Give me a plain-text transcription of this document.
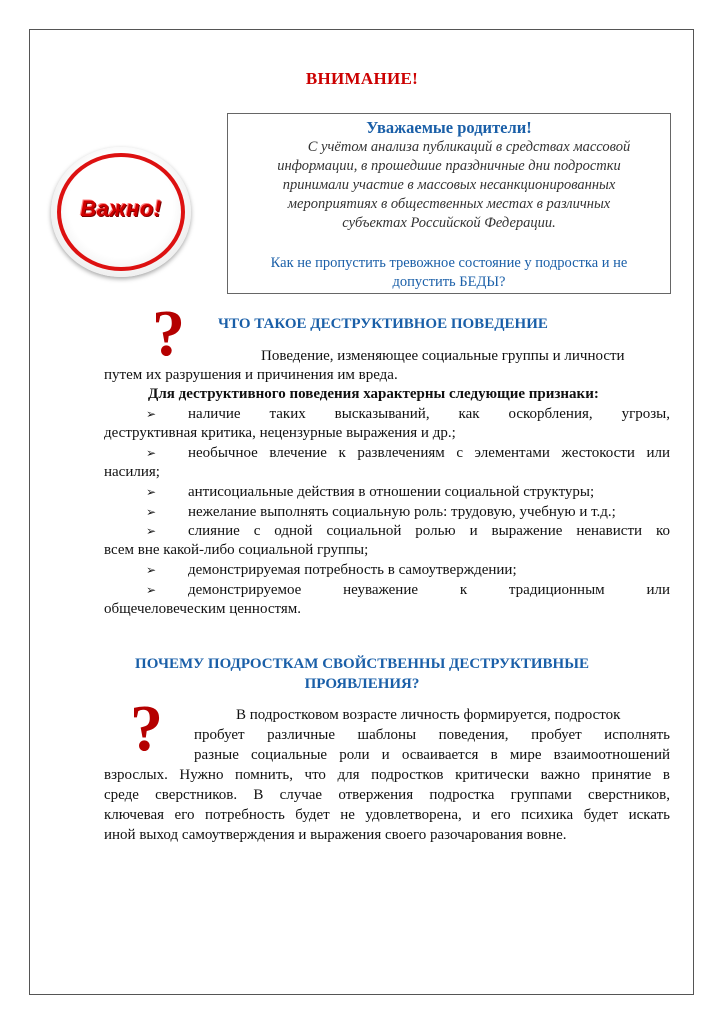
ВНИМАНИЕ!
Важно!
Уважаемые родители!
С учётом анализа публикаций в средствах массовой
информации, в прошедшие праздничные дни подростки
принимали участие в массовых несанкционированных
мероприятиях в общественных местах в различных
субъектах Российской Федерации.
Как не пропустить тревожное состояние у подростка и не
допустить БЕДЫ?
? ЧТО ТАКОЕ ДЕСТРУКТИВНОЕ ПОВЕДЕНИЕ
Поведение, изменяющее социальные группы и личности
путем их разрушения и причинения им вреда.
Для деструктивного поведения характерны следующие признаки:
➢ наличие таких высказываний, как оскорбления, угрозы,
деструктивная критика, нецензурные выражения и др.;
➢ необычное влечение к развлечениям с элементами жестокости или
насилия;
➢ антисоциальные действия в отношении социальной структуры;
➢ нежелание выполнять социальную роль: трудовую, учебную и т.д.;
➢ слияние с одной социальной ролью и выражение ненависти ко
всем вне какой-либо социальной группы;
➢ демонстрируемая потребность в самоутверждении;
➢ демонстрируемое неуважение к традиционным или
общечеловеческим ценностям.
ПОЧЕМУ ПОДРОСТКАМ СВОЙСТВЕННЫ ДЕСТРУКТИВНЫЕ
ПРОЯВЛЕНИЯ?
?	В подростковом возрасте личность формируется, подросток
пробует различные шаблоны поведения, пробует исполнять
разные социальные роли и осваивается в мире взаимоотношений
взрослых. Нужно помнить, что для подростков критически важно принятие в
среде сверстников. В случае отвержения подростка группами сверстников,
ключевая его потребность будет не удовлетворена, и его психика будет искать
иной выход самоутверждения и выражения своего разочарования вовне.
